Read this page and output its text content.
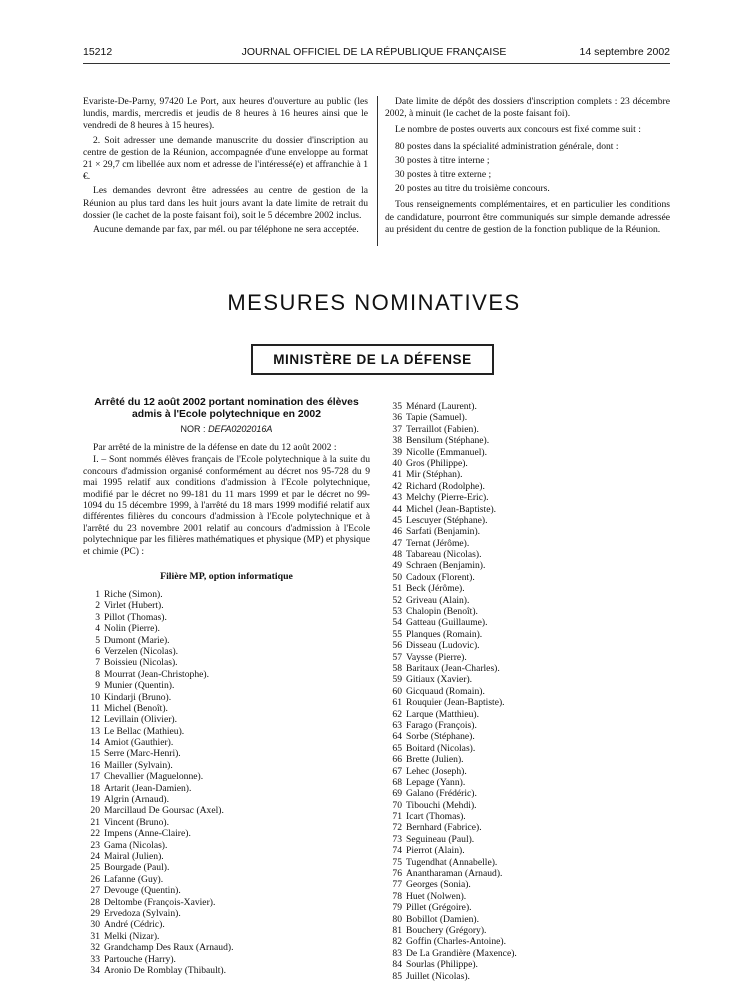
15212	JOURNAL OFFICIEL DE LA RÉPUBLIQUE FRANÇAISE	14 septembre 2002

Evariste-De-Parny, 97420 Le Port, aux heures d'ouverture au public (les lundis, mardis, mercredis et jeudis de 8 heures à 16 heures ainsi que le vendredi de 8 heures à 15 heures).

2. Soit adresser une demande manuscrite du dossier d'inscription au centre de gestion de la Réunion, accompagnée d'une enveloppe au format 21 × 29,7 cm libellée aux nom et adresse de l'intéressé(e) et affranchie à 1 €.

Les demandes devront être adressées au centre de gestion de la Réunion au plus tard dans les huit jours avant la date limite de retrait du dossier (le cachet de la poste faisant foi), soit le 5 décembre 2002 inclus.

Aucune demande par fax, par mél. ou par téléphone ne sera acceptée.

Date limite de dépôt des dossiers d'inscription complets : 23 décembre 2002, à minuit (le cachet de la poste faisant foi).

Le nombre de postes ouverts aux concours est fixé comme suit :

80 postes dans la spécialité administration générale, dont :

30 postes à titre interne ;

30 postes à titre externe ;

20 postes au titre du troisième concours.

Tous renseignements complémentaires, et en particulier les conditions de candidature, pourront être communiqués sur simple demande adressée au président du centre de gestion de la fonction publique de la Réunion.

MESURES NOMINATIVES
MINISTÈRE DE LA DÉFENSE
Arrêté du 12 août 2002 portant nomination des élèves admis à l'Ecole polytechnique en 2002
NOR : DEFA0202016A

Par arrêté de la ministre de la défense en date du 12 août 2002 :

I. – Sont nommés élèves français de l'Ecole polytechnique à la suite du concours d'admission organisé conformément au décret nos 95-728 du 9 mai 1995 relatif aux conditions d'admission à l'Ecole polytechnique, modifié par le décret no 99-181 du 11 mars 1999 et par le décret no 99-1094 du 15 décembre 1999, à l'arrêté du 18 mars 1999 modifié relatif aux différentes filières du concours d'admission à l'Ecole polytechnique et à l'arrêté du 23 novembre 2001 relatif au concours d'admission à l'Ecole polytechnique par les filières mathématiques et physique (MP) et physique et chimie (PC) :

Filière MP, option informatique
1 Riche (Simon).
2 Virlet (Hubert).
3 Pillot (Thomas).
4 Nolin (Pierre).
5 Dumont (Marie).
6 Verzelen (Nicolas).
7 Boissieu (Nicolas).
8 Mourrat (Jean-Christophe).
9 Munier (Quentin).
10 Kindarji (Bruno).
11 Michel (Benoît).
12 Levillain (Olivier).
13 Le Bellac (Mathieu).
14 Amiot (Gauthier).
15 Serre (Marc-Henri).
16 Mailler (Sylvain).
17 Chevallier (Maguelonne).
18 Artarit (Jean-Damien).
19 Algrin (Arnaud).
20 Marcillaud De Goursac (Axel).
21 Vincent (Bruno).
22 Impens (Anne-Claire).
23 Gama (Nicolas).
24 Mairal (Julien).
25 Bourgade (Paul).
26 Lafanne (Guy).
27 Devouge (Quentin).
28 Deltombe (François-Xavier).
29 Ervedoza (Sylvain).
30 André (Cédric).
31 Melki (Nizar).
32 Grandchamp Des Raux (Arnaud).
33 Partouche (Harry).
34 Aronio De Romblay (Thibault).
35 Ménard (Laurent).
36 Tapie (Samuel).
37 Terraillot (Fabien).
38 Bensilum (Stéphane).
39 Nicolle (Emmanuel).
40 Gros (Philippe).
41 Mir (Stéphan).
42 Richard (Rodolphe).
43 Melchy (Pierre-Eric).
44 Michel (Jean-Baptiste).
45 Lescuyer (Stéphane).
46 Sarfati (Benjamin).
47 Ternat (Jérôme).
48 Tabareau (Nicolas).
49 Schraen (Benjamin).
50 Cadoux (Florent).
51 Beck (Jérôme).
52 Griveau (Alain).
53 Chalopin (Benoît).
54 Gatteau (Guillaume).
55 Planques (Romain).
56 Disseau (Ludovic).
57 Vaysse (Pierre).
58 Baritaux (Jean-Charles).
59 Gitiaux (Xavier).
60 Gicquaud (Romain).
61 Rouquier (Jean-Baptiste).
62 Larque (Matthieu).
63 Farago (François).
64 Sorbe (Stéphane).
65 Boitard (Nicolas).
66 Brette (Julien).
67 Lehec (Joseph).
68 Lepage (Yann).
69 Galano (Frédéric).
70 Tibouchi (Mehdi).
71 Icart (Thomas).
72 Bernhard (Fabrice).
73 Seguineau (Paul).
74 Pierrot (Alain).
75 Tugendhat (Annabelle).
76 Anantharaman (Arnaud).
77 Georges (Sonia).
78 Huet (Nolwen).
79 Pillet (Grégoire).
80 Bobillot (Damien).
81 Bouchery (Grégory).
82 Goffin (Charles-Antoine).
83 De La Grandière (Maxence).
84 Sourlas (Philippe).
85 Juillet (Nicolas).
